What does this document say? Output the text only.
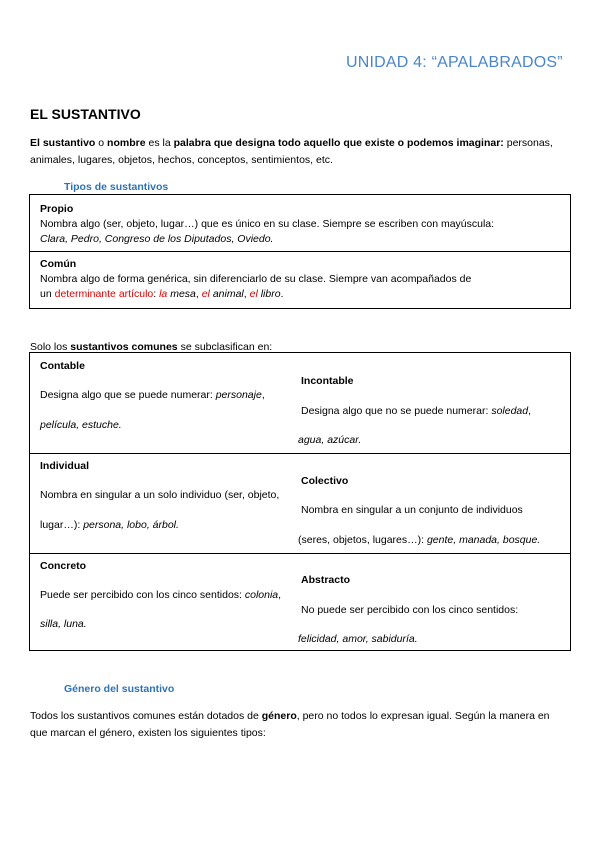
UNIDAD 4: “APALABRADOS”
EL SUSTANTIVO
El sustantivo o nombre es la palabra que designa todo aquello que existe o podemos imaginar: personas,
animales, lugares, objetos, hechos, conceptos, sentimientos, etc.
Tipos de sustantivos
Propio
Nombra algo (ser, objeto, lugar…) que es único en su clase. Siempre se escriben con mayúscula:
Clara, Pedro, Congreso de los Diputados, Oviedo.
Común
Nombra algo de forma genérica, sin diferenciarlo de su clase. Siempre van acompañados de
un determinante artículo: la mesa, el animal, el libro.
Solo los sustantivos comunes se subclasifican en:
Contable
Designa algo que se puede numerar: personaje,
película, estuche.
Incontable
Designa algo que no se puede numerar: soledad,
agua, azúcar.
Individual
Nombra en singular a un solo individuo (ser, objeto,
lugar…): persona, lobo, árbol.
Colectivo
Nombra en singular a un conjunto de individuos
(seres, objetos, lugares…): gente, manada, bosque.
Concreto
Puede ser percibido con los cinco sentidos: colonia,
silla, luna.
Abstracto
No puede ser percibido con los cinco sentidos:
felicidad, amor, sabiduría.
Género del sustantivo
Todos los sustantivos comunes están dotados de género, pero no todos lo expresan igual. Según la manera en
que marcan el género, existen los siguientes tipos:
